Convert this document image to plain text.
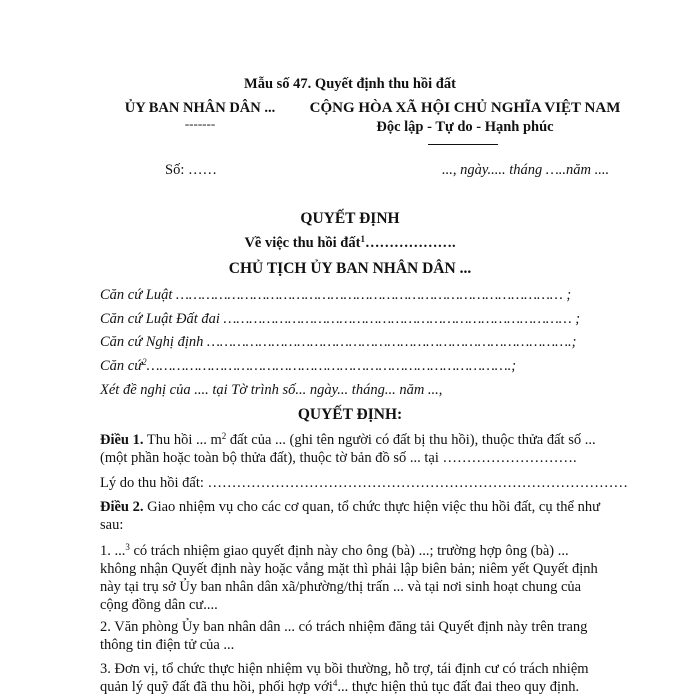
Mẫu số 47. Quyết định thu hồi đất
ỦY BAN NHÂN DÂN ...
-------
CỘNG HÒA XÃ HỘI CHỦ NGHĨA VIỆT NAM
Độc lập - Tự do - Hạnh phúc
Số: ……	..., ngày..... tháng …..năm ....
QUYẾT ĐỊNH
Về việc thu hồi đất$^1$……………….
CHỦ TỊCH ỦY BAN NHÂN DÂN ...
Căn cứ Luật ……………………………………………………………………………… ;
Căn cứ Luật Đất đai ……………………………………………………………………… ;
Căn cứ Nghị định ………………………………………………………………………….;
Căn cứ$^2$………………………………………………………………………….;
Xét đề nghị của .... tại Tờ trình số... ngày... tháng... năm ...,
QUYẾT ĐỊNH:
Điều 1. Thu hồi ... $m^2$ đất của ... (ghi tên người có đất bị thu hồi), thuộc thửa đất số ... (một phần hoặc toàn bộ thửa đất), thuộc tờ bản đồ số ... tại ……………………….
Lý do thu hồi đất: ……………………………………………………………………………
Điều 2. Giao nhiệm vụ cho các cơ quan, tổ chức thực hiện việc thu hồi đất, cụ thể như sau:
1. ...$^3$ có trách nhiệm giao quyết định này cho ông (bà) ...; trường hợp ông (bà) ... không nhận Quyết định này hoặc vắng mặt thì phải lập biên bản; niêm yết Quyết định này tại trụ sở Ủy ban nhân dân xã/phường/thị trấn ... và tại nơi sinh hoạt chung của cộng đồng dân cư....
2. Văn phòng Ủy ban nhân dân ... có trách nhiệm đăng tải Quyết định này trên trang thông tin điện tử của ...
3. Đơn vị, tổ chức thực hiện nhiệm vụ bồi thường, hỗ trợ, tái định cư có trách nhiệm quản lý quỹ đất đã thu hồi, phối hợp với$^4$... thực hiện thủ tục đất đai theo quy định.
